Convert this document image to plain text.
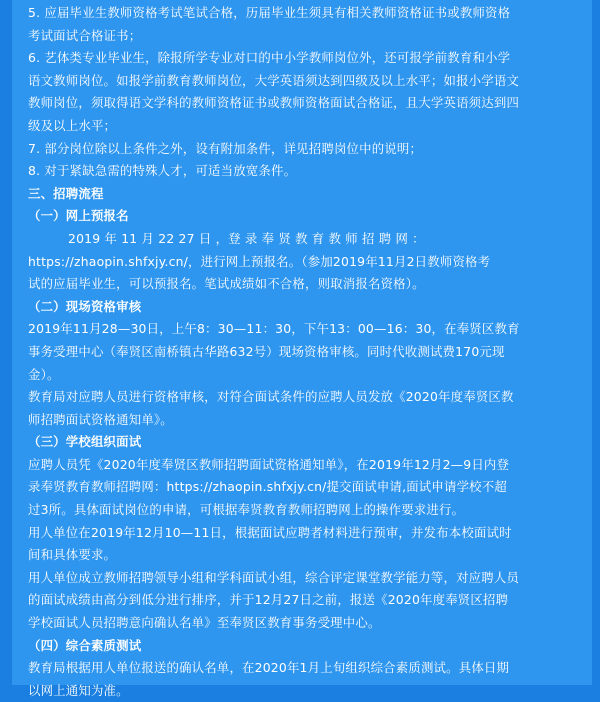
5. 应届毕业生教师资格考试笔试合格，历届毕业生须具有相关教师资格证书或教师资格
考试面试合格证书；
6. 艺体类专业毕业生，除报所学专业对口的中小学教师岗位外，还可报学前教育和小学
语文教师岗位。如报学前教育教师岗位，大学英语须达到四级及以上水平；如报小学语文
教师岗位，须取得语文学科的教师资格证书或教师资格面试合格证，且大学英语须达到四
级及以上水平；
7. 部分岗位除以上条件之外，设有附加条件，详见招聘岗位中的说明；
8. 对于紧缺急需的特殊人才，可适当放宽条件。
三、招聘流程
（一）网上预报名
2019 年 11 月 22 27 日 ，登 录 奉 贤 教 育 教 师 招 聘 网 ：
https://zhaopin.shfxjy.cn/，进行网上预报名。（参加2019年11月2日教师资格考
试的应届毕业生，可以预报名。笔试成绩如不合格，则取消报名资格）。
（二）现场资格审核
2019年11月28—30日，上午8：30—11：30，下午13：00—16：30，在奉贤区教育
事务受理中心（奉贤区南桥镇古华路632号）现场资格审核。同时代收测试费170元现
金）。
教育局对应聘人员进行资格审核，对符合面试条件的应聘人员发放《2020年度奉贤区教
师招聘面试资格通知单》。
（三）学校组织面试
应聘人员凭《2020年度奉贤区教师招聘面试资格通知单》，在2019年12月2—9日内登
录奉贤教育教师招聘网：https://zhaopin.shfxjy.cn/提交面试申请,面试申请学校不超
过3所。具体面试岗位的申请，可根据奉贤教育教师招聘网上的操作要求进行。
用人单位在2019年12月10—11日，根据面试应聘者材料进行预审，并发布本校面试时
间和具体要求。
用人单位成立教师招聘领导小组和学科面试小组，综合评定课堂教学能力等，对应聘人员
的面试成绩由高分到低分进行排序，并于12月27日之前，报送《2020年度奉贤区招聘
学校面试人员招聘意向确认名单》至奉贤区教育事务受理中心。
（四）综合素质测试
教育局根据用人单位报送的确认名单，在2020年1月上旬组织综合素质测试。具体日期
以网上通知为准。
